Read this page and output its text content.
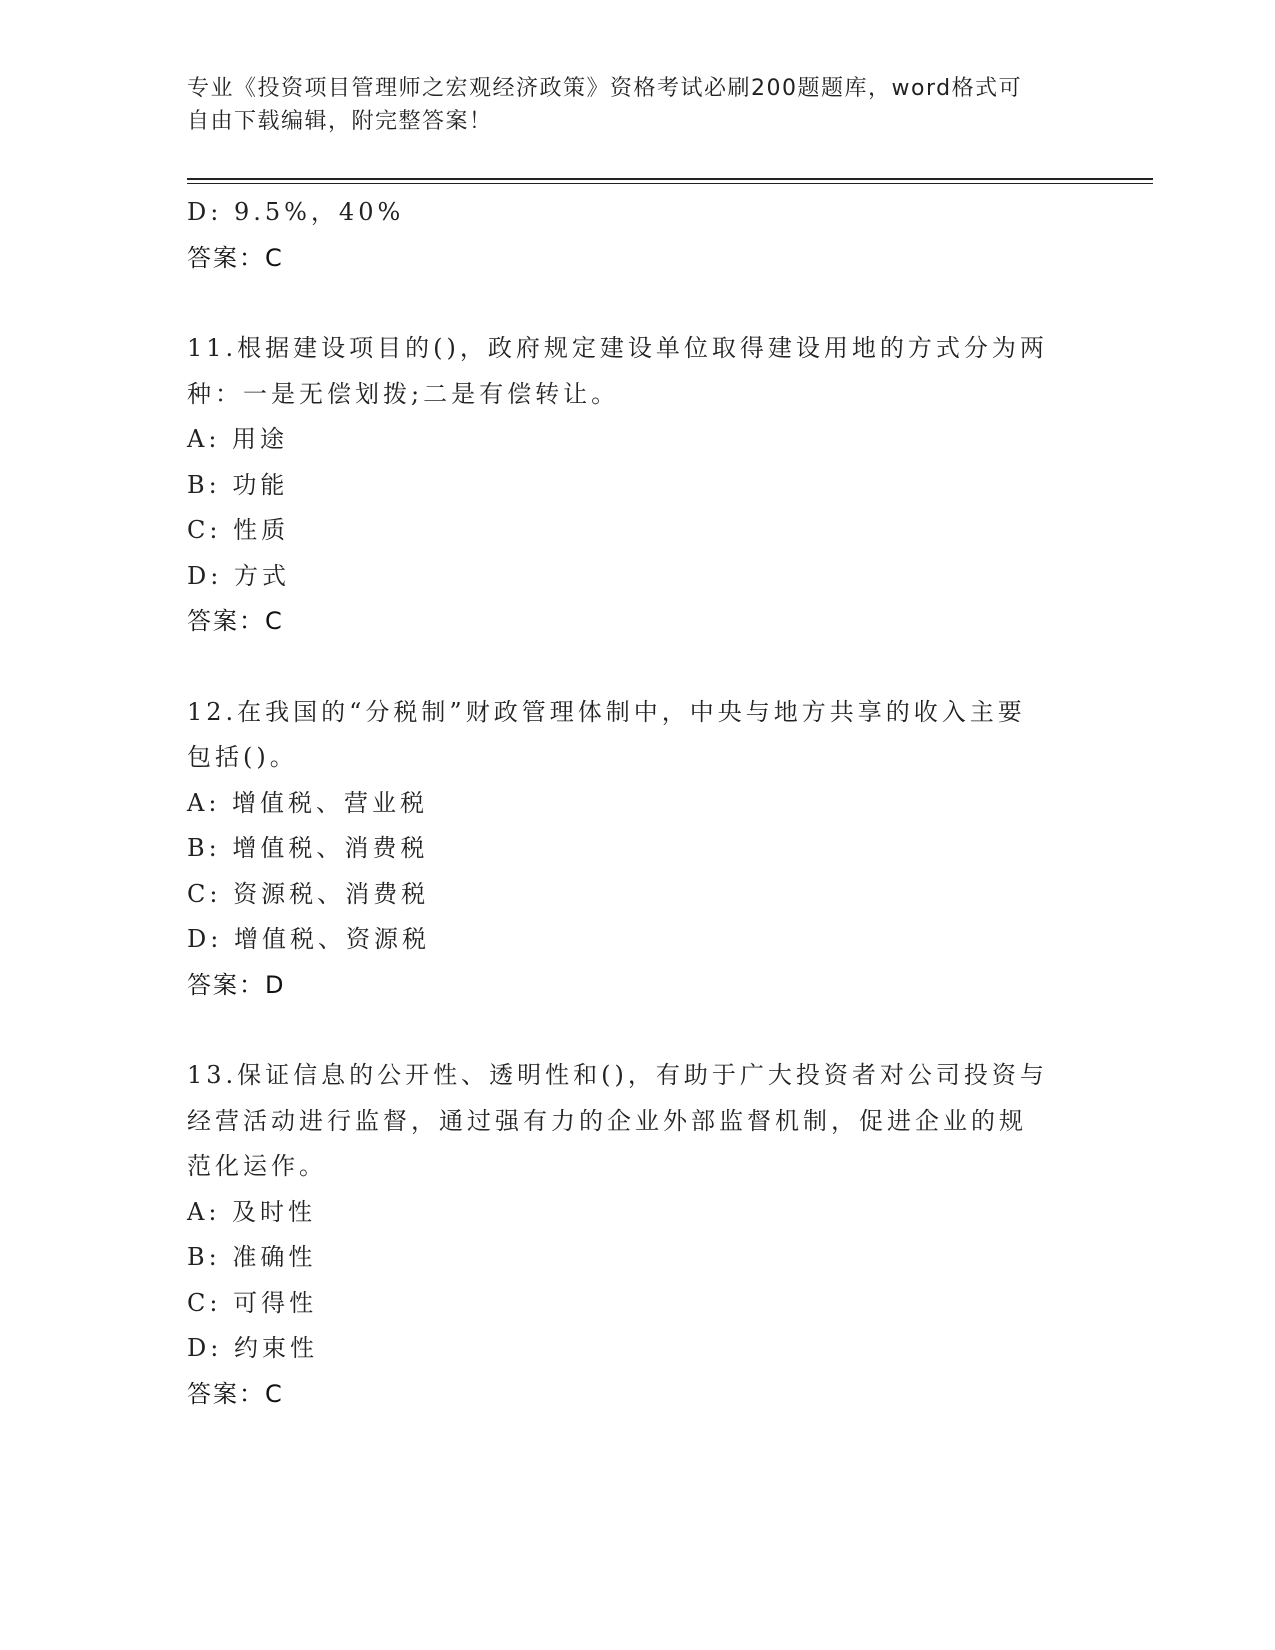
专业《投资项目管理师之宏观经济政策》资格考试必刷200题题库，word格式可
自由下载编辑，附完整答案！
D: 9.5%，40%
答案：C
11.根据建设项目的()，政府规定建设单位取得建设用地的方式分为两
种：一是无偿划拨;二是有偿转让。
A: 用途
B: 功能
C: 性质
D: 方式
答案：C
12.在我国的“分税制”财政管理体制中，中央与地方共享的收入主要
包括()。
A: 增值税、营业税
B: 增值税、消费税
C: 资源税、消费税
D: 增值税、资源税
答案：D
13.保证信息的公开性、透明性和()，有助于广大投资者对公司投资与
经营活动进行监督，通过强有力的企业外部监督机制，促进企业的规
范化运作。
A: 及时性
B: 准确性
C: 可得性
D: 约束性
答案：C
